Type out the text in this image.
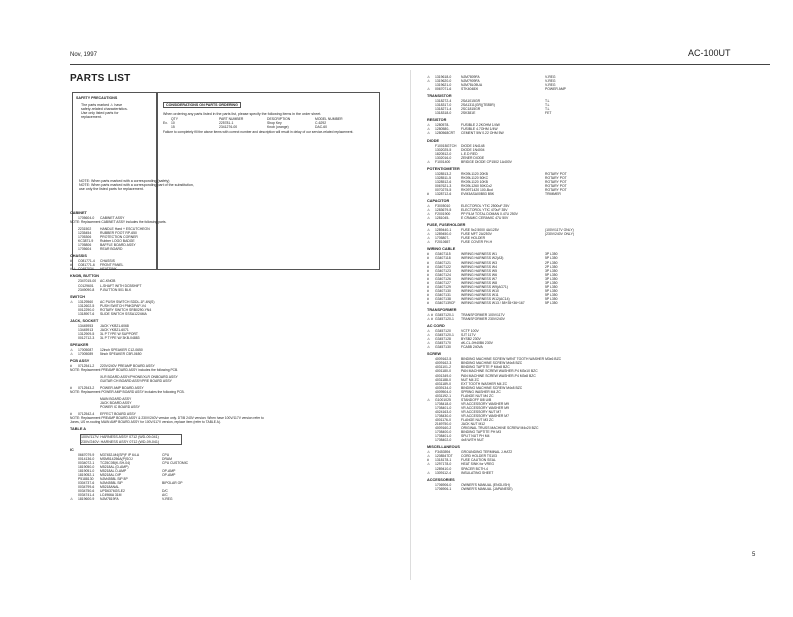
Nov, 1997	AC-100UT
PARTS LIST
SAFETY PRECAUTIONS
The parts marked ⚠ have
safety-related characteristics.
Use only listed parts for
replacement.
CONSIDERATIONS ON PARTS ORDERING
When ordering any parts listed in the parts list, please specify the following items in the order sheet.
QTY	PART NUMBER	DESCRIPTION	MODEL NUMBER
Ex. 10	225781-1	Shop Key	C-6292
15	2341276-00	Knob (orange)	DAC-60
Failure to completely fill the above items with correct number and description will result in delay of our service-related replacement.
NOTE: When parts marked with a corresponding (safety)
NOTE: When parts marked with a corresponding part of the substitution,
use only the listed parts for replacement.
CABINET
1705604-0	CABINET ASSY
NOTE: Replacement CABINET ASSY includes the following parts.
2231502	HANDLE Hard + ESCUTCHEON
1235454	RUBBER FOOT RP-650
1705306	PROTECTION CORNER
KC3871-9	Rubber LOGO BADGE
1705806	BAFFLE BOARD ASSY
1705604	REAR BOARD
CHASSIS
#	C081771-4	CHASSIS
#	C081771-6	FRONT PANEL
# ⚠ C0487034	HEATSINK
KNOB, BUTTON
2347015-00	AC-KNOB
C0129601	L-SHAFT WITH DCBSHIFT
2349090-8	P-BUTTON 501 BLK
SWITCH
⚠	13129560	AC PUSH SWITCH SDDL-1F-4N(S)
1312602-5	PUSH SWITCH PNKDPAP-V4
0012290-0	ROTARY SWITCH SRB0290-YN4
1318907-6	SLIDE SWITCH SSSA1224MA
JACK, SOCKET
13445953	JACK YKB21-6068
13445913	JACK YKB21-6071
1312909-5	3L P TYPE W SUPPORT
0012712-3	3L P TYPE W/ 3KB-04883
SPEAKER
⚠	17005087	12inch SPEAKER C12-0650
⚠	17005089	5inch SPEAKER C5R-0650
PCB ASSY
#	0712541-2	220V/240V PREAMP BOARD ASSY
NOTE: Replacement PREAMP BOARD ASSY includes the following PCB.
XLR BOARD ASSY/PHONE/XLR ONBOARD ASSY
GUITAR CH BOARD ASSY/PRE BOARD ASSY
#	0712543-2	POWER AMP BOARD ASSY
NOTE: Replacement POWER AMP BOARD ASSY includes the following PCB.
MAIN BOARD ASSY
JACK BOARD ASSY
POWER IC BOARD ASSY
#	0712542-4	EFFECT BOARD ASSY
NOTE: Replacement PREAMP BOARD ASSY & 230V/240V version only. DT/B 240V version: When have 100V/117V version refer to Jones, US re-routing MAIN AMP BOARD ASSY for 100V/117V version, replace item (refer to TABLE A).
TABLE A
100V/117V: HARNESS ASSY 0712 (WD-09-041)
230V/240V: HARNESS ASSY 0712 (WD-09-041)
IC
0667079-9	M37452-M4(SP)F IP 64-A	CPU
0014136-0	MSM514256A(P)SOJ	DRAM
0034072-1	TC25C0B(K-SH-04)	CPU CUSTOMIC
1819050-0	M5218AL (D-AMP)
1819051-0	M5218AL D-AMP	OP-AMP
1819052-1	M5218AL DIP	OP-AMP
P5188130	NJM4558L SIP 8P
0304737-6	NJM4558L SIP	BIPOLAR OP
0034799-6	M5218ANAL
0034750-6	UPD6376GS-E2	D/C
0034741-4	LC4966A 31M	A/C
⚠	1819600-9	NJM7819FA	V-REG
⚠	1319618-0	NJM7809FA	V-REG
⚠	1319620-0	NJM7909FA	V-REG
1319621-0	NJM78L05UA	V-REG
⚠	0067071-6	STK4048XI	POWER AMP
TRANSISTOR
1318272-4	2SA1015GR	T.L
1318317-0	2SA1311(GR)(TE85R)	T.L
1318271-4	2SC1815GR	T.L
1318318-0	2SK381E	FET
RESISTOR
⚠	1280578-	FUSIBLE 2.2KOHM 1/4W
⚠	1280580-	FUSIBLE 4.7OHM 1/4W
⚠	1280568CRT	CEMENT 5W 0.22 OHM 5W
DIODE
F1001BGTCH	DIODE 1N4148
1302025-5	DIODE 1N4004
1820512-0	L.E.D RED
1302016-0	ZENER DIODE
⚠	F1001400	BRIDGE DIODE CP1502 1A400V
POTENTIOMETER
1328513-2	RK09L1120 20KB	ROTARY POT
1328511-5	RK09L1120 50KC	ROTARY POT
1328512-6	RK09L1120 10KB	ROTARY POT
0067621-3	RK09L1260 50KCx2	ROTARY POT
0070275-5	RK09T1420 100-Bcd	ROTARY POT
#	1328712-6	EVM3ASA00B53 B5K	TRIMMER
CAPACITOR
⚠	F3005010	ELECTOROL YTIC 2500uF 25V
⚠	1283679-5	ELECTOROL YTIC 470uF 35V
⚠	F2001900	PP FILM TOTAL DOMAN 0.47U 250V
⚠	1281045-	E CRAMIC CERAMIC 47U 50V
FUSE, FUSEHOLDER
⚠	1289440-1	FUSE 5x2.5000 4A/125V	(100V/117V ONLY)
⚠	1289450-0	FUSE MFT 2A/250V	(230V/240V ONLY)
⚠	1705807-	FUSE HOLDER
⚠	F2010657	FUSE COVER FH-H
WIRING CABLE
#	G3407115	WIRING HARNESS W1	3P L350
#	G3407118	WIRING HARNESS W2(A3)	5P L350
#	G3407121	WIRING HARNESS W3	2P L350
#	G3407122	WIRING HARNESS W4	2P L350
#	G3407123	WIRING HARNESS W5	3P L350
#	G3407124	WIRING HARNESS W6	5P L350
#	G3407126	WIRING HARNESS W7	3P L350
#	G3407127	WIRING HARNESS W8	3P L350
#	G3407129	WIRING HARNESS W9(AG71)	5P L350
#	G3407130	WIRING HARNESS W10	5P L350
#	G3407131	WIRING HARNESS W11	5P L350
#	G3407138	WIRING HARNESS W12(AC14)	5P L350
#	G3407139CF	WIRING HARNESS W13 / 58+35+36+167	5P L350
TRANSFORMER
⚠ # G3457120-1	TRANSFORMER 100V/117V
⚠ # G3457120-1	TRANSFORMER 230V/240V
AC CORD
⚠	G3457120	VCTF 100V
⚠	G3457120-1	SJT 117V
⚠	G3457128	BYSB2 230V
⚠	G3457170	dK-CL-0H40B6 230V
⚠	G3457130	FCA5B 240VA
SCREW
4009162-5	BINDING MACHINE SCREW W/INT TOOTH WASHER M3x6 BZC
4009162-3	BINDING MACHINE SCREW M4x8 BZC
4031101-2	BINDING TAPTITE P M4x8 BZC
4001180-0	PAN MACHINE SCREW WASHER-P4 M3x10 BZC
4001349-0	PAN MACHINE SCREW WASHER-P4 M3x8 BZC
4031188-0	NUT M4 ZC
4031189-0	EXT TOOTH WASHER M4 ZC
4039134-0	BINDING MACHINE SCREW M4x8 BZC
4009504-0	SPRING WASHER M4 ZC
4031192-1	FLANGE NUT M4 ZC
⚠	G1001025	STANDOFF 8/8 U/B
1708418-0	VR ACCESSORY WASHER M9
1708401-0	VR ACCESSORY WASHER M9
4024163-0	VR ACCESSORY NUT M7
1708430-0	VR ACCESSORY WASHER M7
4001176-0	FLANGE NUT M3 ZC
2169750-0	JACK NUT M12
4009160-2	ORIGINAL TRUSS MACHINE SCREW M4x20 BZC
1708400-0	BINDING TAPTITE PH M3
1708401-0	SPLIT NUT PH M4
1708402-0	4x8 WITH NUT
MISCELLANEOUS
⚠	F3453594	GROUNDING TERMINAL J-HAT2
⚠	1208547DT	CORD HOLDER TS103
#	1318178-1	FUSE CAUTION SEAL
⚠	1297178-0	HEAT SINK for VREG
1289410-0	SPACER BCTH-4
⚠	1309112-4	INSULATING SHEET
ACCESSORIES
1706906-0	OWNER'S MANUAL (ENGLISH)
1706906-1	OWNER'S MANUAL (JAPANESE)
5
